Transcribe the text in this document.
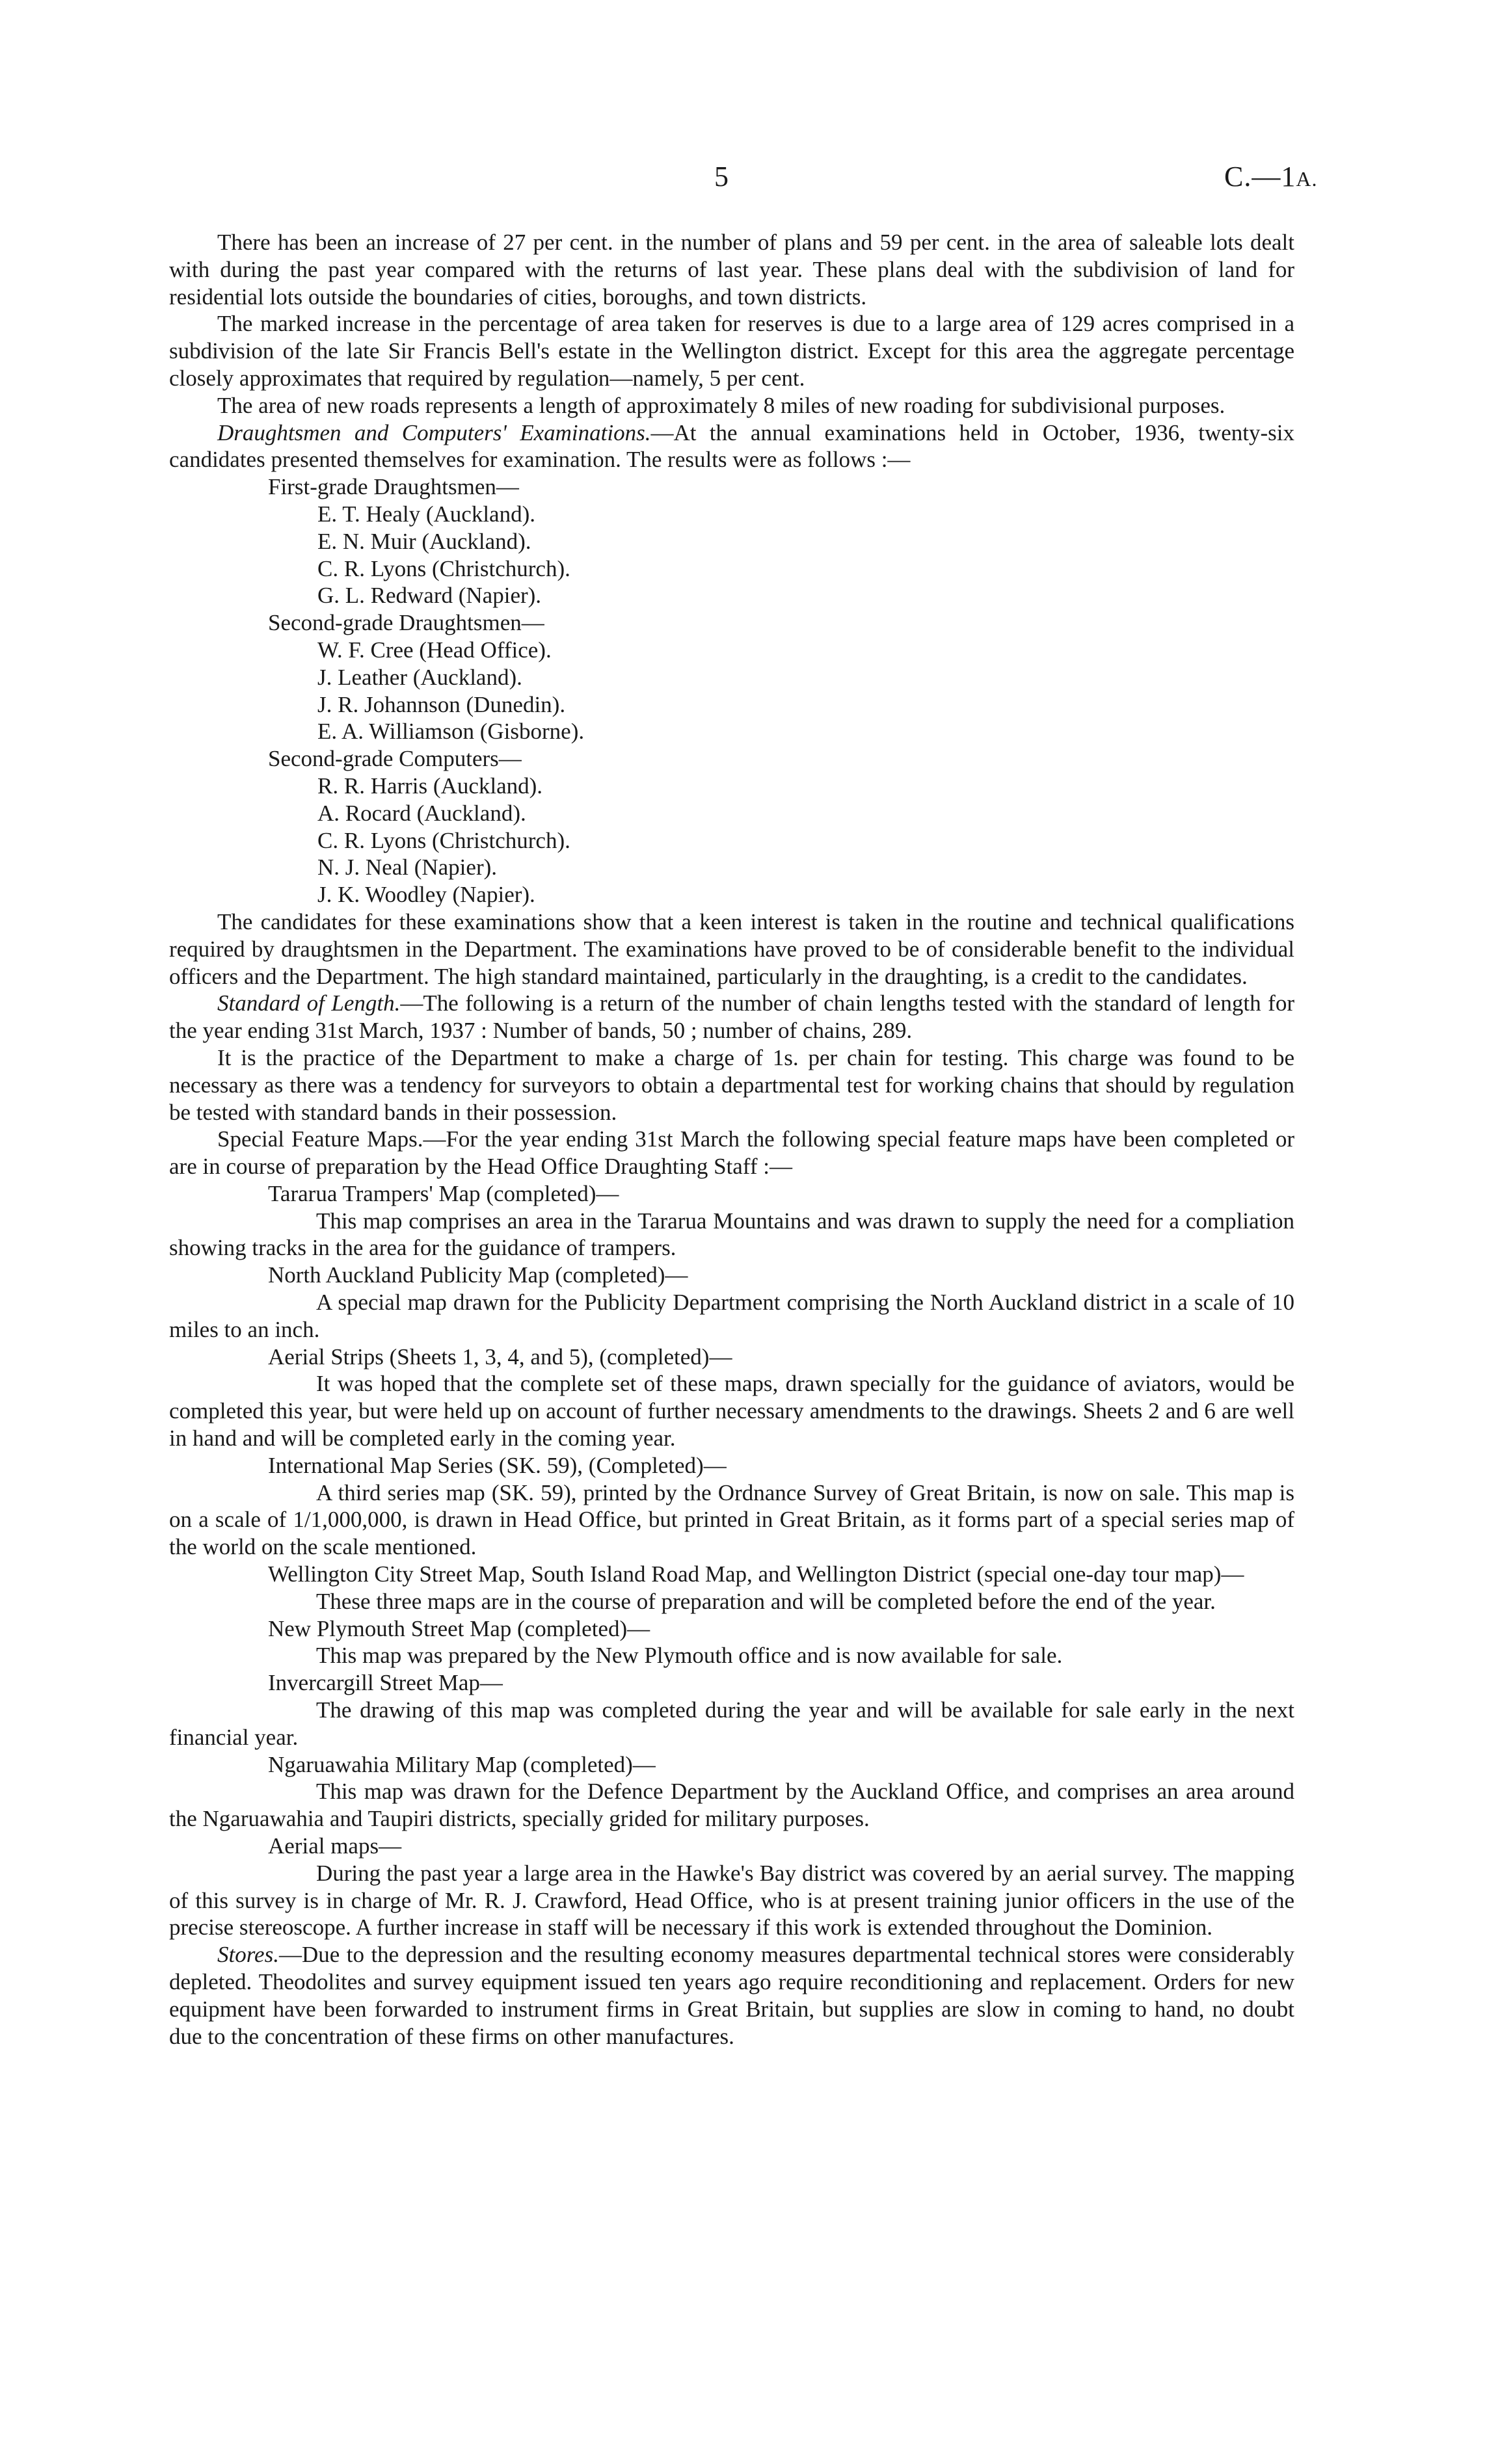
5	C.—1A.

There has been an increase of 27 per cent. in the number of plans and 59 per cent. in the area of saleable lots dealt with during the past year compared with the returns of last year. These plans deal with the subdivision of land for residential lots outside the boundaries of cities, boroughs, and town districts.

The marked increase in the percentage of area taken for reserves is due to a large area of 129 acres comprised in a subdivision of the late Sir Francis Bell's estate in the Wellington district. Except for this area the aggregate percentage closely approximates that required by regulation—namely, 5 per cent.

The area of new roads represents a length of approximately 8 miles of new roading for subdivisional purposes.

Draughtsmen and Computers' Examinations.—At the annual examinations held in October, 1936, twenty-six candidates presented themselves for examination. The results were as follows :—

First-grade Draughtsmen—
E. T. Healy (Auckland).
E. N. Muir (Auckland).
C. R. Lyons (Christchurch).
G. L. Redward (Napier).
Second-grade Draughtsmen—
W. F. Cree (Head Office).
J. Leather (Auckland).
J. R. Johannson (Dunedin).
E. A. Williamson (Gisborne).
Second-grade Computers—
R. R. Harris (Auckland).
A. Rocard (Auckland).
C. R. Lyons (Christchurch).
N. J. Neal (Napier).
J. K. Woodley (Napier).

The candidates for these examinations show that a keen interest is taken in the routine and technical qualifications required by draughtsmen in the Department. The examinations have proved to be of considerable benefit to the individual officers and the Department. The high standard maintained, particularly in the draughting, is a credit to the candidates.

Standard of Length.—The following is a return of the number of chain lengths tested with the standard of length for the year ending 31st March, 1937 : Number of bands, 50 ; number of chains, 289.

It is the practice of the Department to make a charge of 1s. per chain for testing. This charge was found to be necessary as there was a tendency for surveyors to obtain a departmental test for working chains that should by regulation be tested with standard bands in their possession.

Special Feature Maps.—For the year ending 31st March the following special feature maps have been completed or are in course of preparation by the Head Office Draughting Staff :—

Tararua Trampers' Map (completed)—

This map comprises an area in the Tararua Mountains and was drawn to supply the need for a compliation showing tracks in the area for the guidance of trampers.

North Auckland Publicity Map (completed)—

A special map drawn for the Publicity Department comprising the North Auckland district in a scale of 10 miles to an inch.

Aerial Strips (Sheets 1, 3, 4, and 5), (completed)—

It was hoped that the complete set of these maps, drawn specially for the guidance of aviators, would be completed this year, but were held up on account of further necessary amendments to the drawings. Sheets 2 and 6 are well in hand and will be completed early in the coming year.

International Map Series (SK. 59), (Completed)—

A third series map (SK. 59), printed by the Ordnance Survey of Great Britain, is now on sale. This map is on a scale of 1/1,000,000, is drawn in Head Office, but printed in Great Britain, as it forms part of a special series map of the world on the scale mentioned.

Wellington City Street Map, South Island Road Map, and Wellington District (special one-day tour map)—

These three maps are in the course of preparation and will be completed before the end of the year.

New Plymouth Street Map (completed)—

This map was prepared by the New Plymouth office and is now available for sale.

Invercargill Street Map—

The drawing of this map was completed during the year and will be available for sale early in the next financial year.

Ngaruawahia Military Map (completed)—

This map was drawn for the Defence Department by the Auckland Office, and comprises an area around the Ngaruawahia and Taupiri districts, specially grided for military purposes.

Aerial maps—

During the past year a large area in the Hawke's Bay district was covered by an aerial survey. The mapping of this survey is in charge of Mr. R. J. Crawford, Head Office, who is at present training junior officers in the use of the precise stereoscope. A further increase in staff will be necessary if this work is extended throughout the Dominion.

Stores.—Due to the depression and the resulting economy measures departmental technical stores were considerably depleted. Theodolites and survey equipment issued ten years ago require reconditioning and replacement. Orders for new equipment have been forwarded to instrument firms in Great Britain, but supplies are slow in coming to hand, no doubt due to the concentration of these firms on other manufactures.
